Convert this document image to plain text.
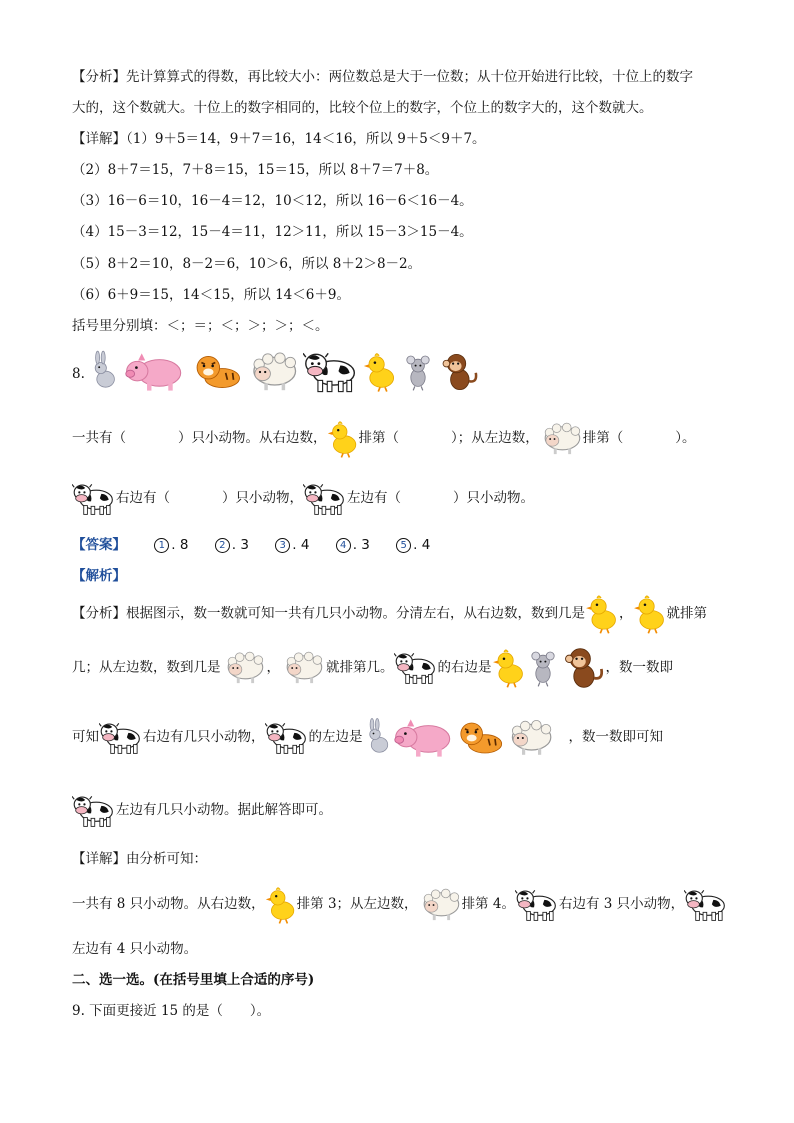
【分析】先计算算式的得数，再比较大小：两位数总是大于一位数；从十位开始进行比较，十位上的数字
大的，这个数就大。十位上的数字相同的，比较个位上的数字，个位上的数字大的，这个数就大。
【详解】（1）9＋5＝14，9＋7＝16，14＜16，所以 9＋5＜9＋7。
（2）8＋7＝15，7＋8＝15，15＝15，所以 8＋7＝7＋8。
（3）16－6＝10，16－4＝12，10＜12，所以 16－6＜16－4。
（4）15－3＝12，15－4＝11，12＞11，所以 15－3＞15－4。
（5）8＋2＝10，8－2＝6，10＞6，所以 8＋2＞8－2。
（6）6＋9＝15，14＜15，所以 14＜6＋9。
括号里分别填：＜；＝；＜；＞；＞；＜。
8.

一共有（	）只小动物。从右边数， 排第（	）；从左边数，	排第（	）。
右边有（	）只小动物，	左边有（	）只小动物。
【答案】	1 . 8	2 . 3	3 . 4	4 . 3	5 . 4
【解析】
【分析】根据图示，数一数就可知一共有几只小动物。分清左右，从右边数，数到几是	，	就排第
几；从左边数，数到几是	，	就排第几。	的右边是	，数一数即
可知	右边有几只小动物，	的左边是	，数一数即可知
左边有几只小动物。据此解答即可。
【详解】由分析可知：
一共有 8 只小动物。从右边数， 排第 3；从左边数，	排第 4。	右边有 3 只小动物，
左边有 4 只小动物。
二、选一选。(在括号里填上合适的序号)
9. 下面更接近 15 的是（　　）。
